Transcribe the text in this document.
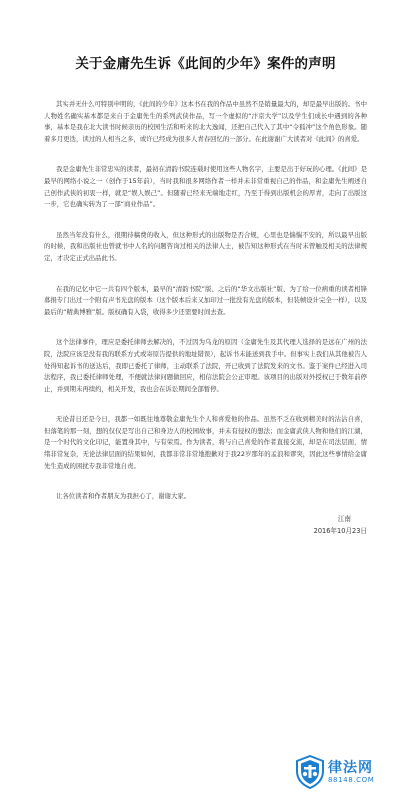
关于金庸先生诉《此间的少年》案件的声明

其实并无什么可特别申明的，《此间的少年》这本书在我的作品中虽然不是销量最大的，却是最早出版的。书中人物姓名确实基本都是来自于金庸先生的系列武侠作品，写一个虚拟的“汴京大学”以及学生们成长中遇到的各种事，基本是我在北大读书时候亲历的校园生活和听来的北大逸闻，还把自己代入了其中“令狐冲”这个角色形象。随着多月更迭，读过的人相当之多，或许已经成为很多人青春回忆的一部分。在此谢谢广大读者对《此间》的喜爱。

我是金庸先生非常忠实的读者，最初在清韵书院连载时使用这些人物名字，主要是出于好玩的心理。《此间》是最早的网络小说之一（创作于15年前），当时我和很多网络作者一样并未非常重视自己的作品，和金庸先生阐述自己创作武侠的初衷一样，就是“娱人娱己”。但随着已经来无端地走红，乃至于得到出版机会的厚青，走向了出版这一步，它也确实转为了一部“商业作品”。

虽然当年没有什么，很期待稿费的收入，但这种形式的出版物是否合规，心里也是惴惴不安的，所以最早出版的时候，我和出版社也曾就书中人名的问题咨询过相关的法律人士，被告知这种形式在当时未曾触及相关的法律规定，才决定正式出品此书。

在我的记忆中它一共有四个版本，最早的“清韵书院”版、之后的“华文出版社”版、为了给一位病重的读者相锋募捐专门出过一个附有声书光盘的版本（这个版本后来又加印过一批没有光盘的版本，但装帧设计完全一样），以及最后的“精典博雅”版。版权确有入袋，收得多少还需要时间去查。

这个法律事件，理应是委托律师去解决的，不过因为乌龙的原因（金庸先生及其代理人选择的是远在广州的法院，法院应该是没有我的联系方式或寄原告提供的地址错误），起诉书未能送到我手中。但事实上我们从其他被告人处得知起诉书的送达后，我即已委托了律师，主动联系了法院，开已收到了法院发来的文书。鉴于案件已经进入司法程序，我已委托律师处理，不便就法律问题做回应，相信法院会公正审理。该项目的出版对外授权已于数年前停止，并到期未再续约，相关开发，我也会在诉讼期间全部暂停。

无论昔日还是今日，我都一如既往地尊敬金庸先生个人和喜爱他的作品。虽然不乏在收到精美时的沾沾自喜，但落笔的那一刻，想的仅仅是写出自己和身边人的校园故事，并未有侵权的想法；而金庸武侠人物和他们的江湖，是一个时代的文化印记，能置身其中，与有荣焉。作为读者，将与自己喜爱的作者直接交流，却是在司法层面，情绪非常复杂，无论法律层面的结果如何，我都非常非常地抱歉对于我22岁那年的孟浪和谬突，因此这些事情给金庸先生造成的困扰专我非常地自责。

让各位读者和作者朋友为我担心了，谢谢大家。

江南
2016年10月23日
律法网
88148.COM
